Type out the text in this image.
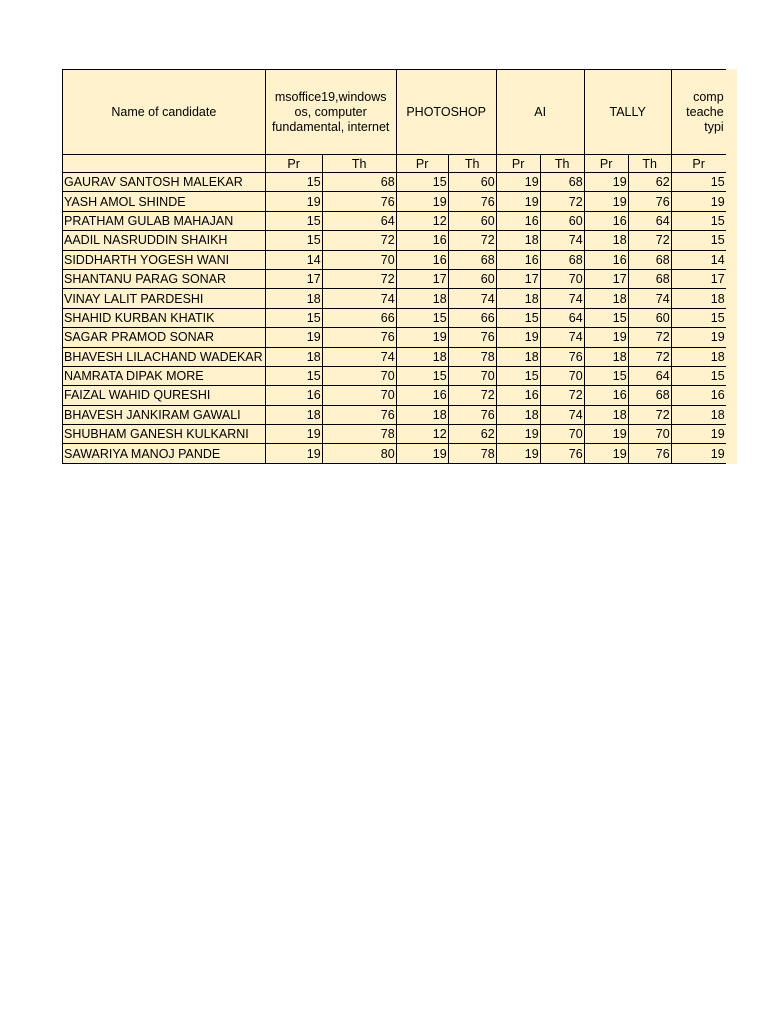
Name of candidate	msoffice19,windows os, computer fundamental, internet		PHOTOSHOP		AI		TALLY		comp teache typi

	Pr	Th	Pr	Th	Pr	Th	Pr	Th	Pr
GAURAV SANTOSH MALEKAR	15	68	15	60	19	68	19	62	15
YASH AMOL SHINDE	19	76	19	76	19	72	19	76	19
PRATHAM GULAB MAHAJAN	15	64	12	60	16	60	16	64	15
AADIL NASRUDDIN SHAIKH	15	72	16	72	18	74	18	72	15
SIDDHARTH YOGESH WANI	14	70	16	68	16	68	16	68	14
SHANTANU PARAG SONAR	17	72	17	60	17	70	17	68	17
VINAY LALIT PARDESHI	18	74	18	74	18	74	18	74	18
SHAHID KURBAN KHATIK	15	66	15	66	15	64	15	60	15
SAGAR PRAMOD SONAR	19	76	19	76	19	74	19	72	19
BHAVESH LILACHAND WADEKAR	18	74	18	78	18	76	18	72	18
NAMRATA DIPAK MORE	15	70	15	70	15	70	15	64	15
FAIZAL WAHID QURESHI	16	70	16	72	16	72	16	68	16
BHAVESH JANKIRAM GAWALI	18	76	18	76	18	74	18	72	18
SHUBHAM GANESH KULKARNI	19	78	12	62	19	70	19	70	19
SAWARIYA MANOJ PANDE	19	80	19	78	19	76	19	76	19
